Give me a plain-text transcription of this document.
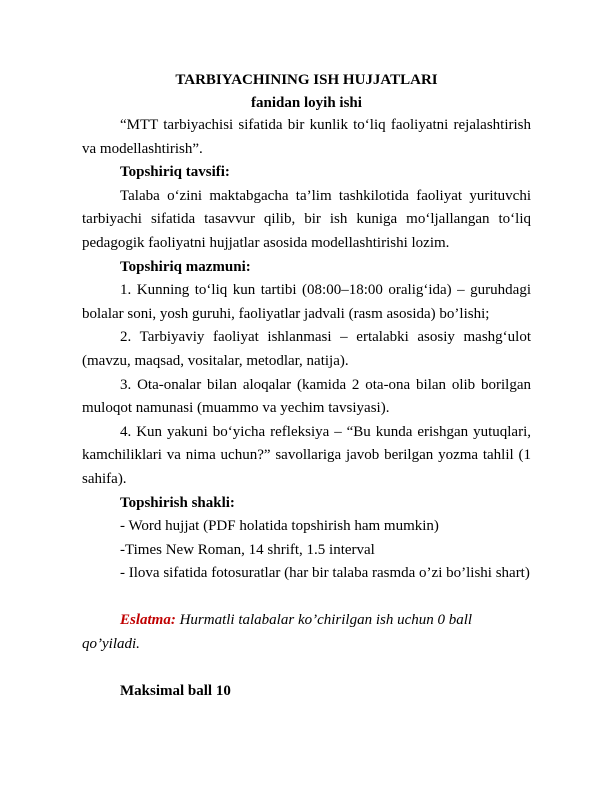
TARBIYACHINING ISH HUJJATLARI

fanidan loyih ishi

“MTT tarbiyachisi sifatida bir kunlik to‘liq faoliyatni rejalashtirish va modellashtirish”.

Topshiriq tavsifi:

Talaba o‘zini maktabgacha ta’lim tashkilotida faoliyat yurituvchi tarbiyachi sifatida tasavvur qilib, bir ish kuniga mo‘ljallangan to‘liq pedagogik faoliyatni hujjatlar asosida modellashtirishi lozim.

Topshiriq mazmuni:

1. Kunning to‘liq kun tartibi (08:00–18:00 oralig‘ida) – guruhdagi bolalar soni, yosh guruhi, faoliyatlar jadvali (rasm asosida) bo’lishi;

2. Tarbiyaviy faoliyat ishlanmasi – ertalabki asosiy mashg‘ulot (mavzu, maqsad, vositalar, metodlar, natija).

3. Ota-onalar bilan aloqalar (kamida 2 ota-ona bilan olib borilgan muloqot namunasi (muammo va yechim tavsiyasi).

4. Kun yakuni bo‘yicha refleksiya – “Bu kunda erishgan yutuqlari, kamchiliklari va nima uchun?” savollariga javob berilgan yozma tahlil (1 sahifa).

Topshirish shakli:

- Word hujjat (PDF holatida topshirish ham mumkin)

-Times New Roman, 14 shrift, 1.5 interval

- Ilova sifatida fotosuratlar (har bir talaba rasmda o’zi bo’lishi shart)

Eslatma: Hurmatli talabalar ko’chirilgan ish uchun 0 ball qo’yiladi.

Maksimal ball 10
